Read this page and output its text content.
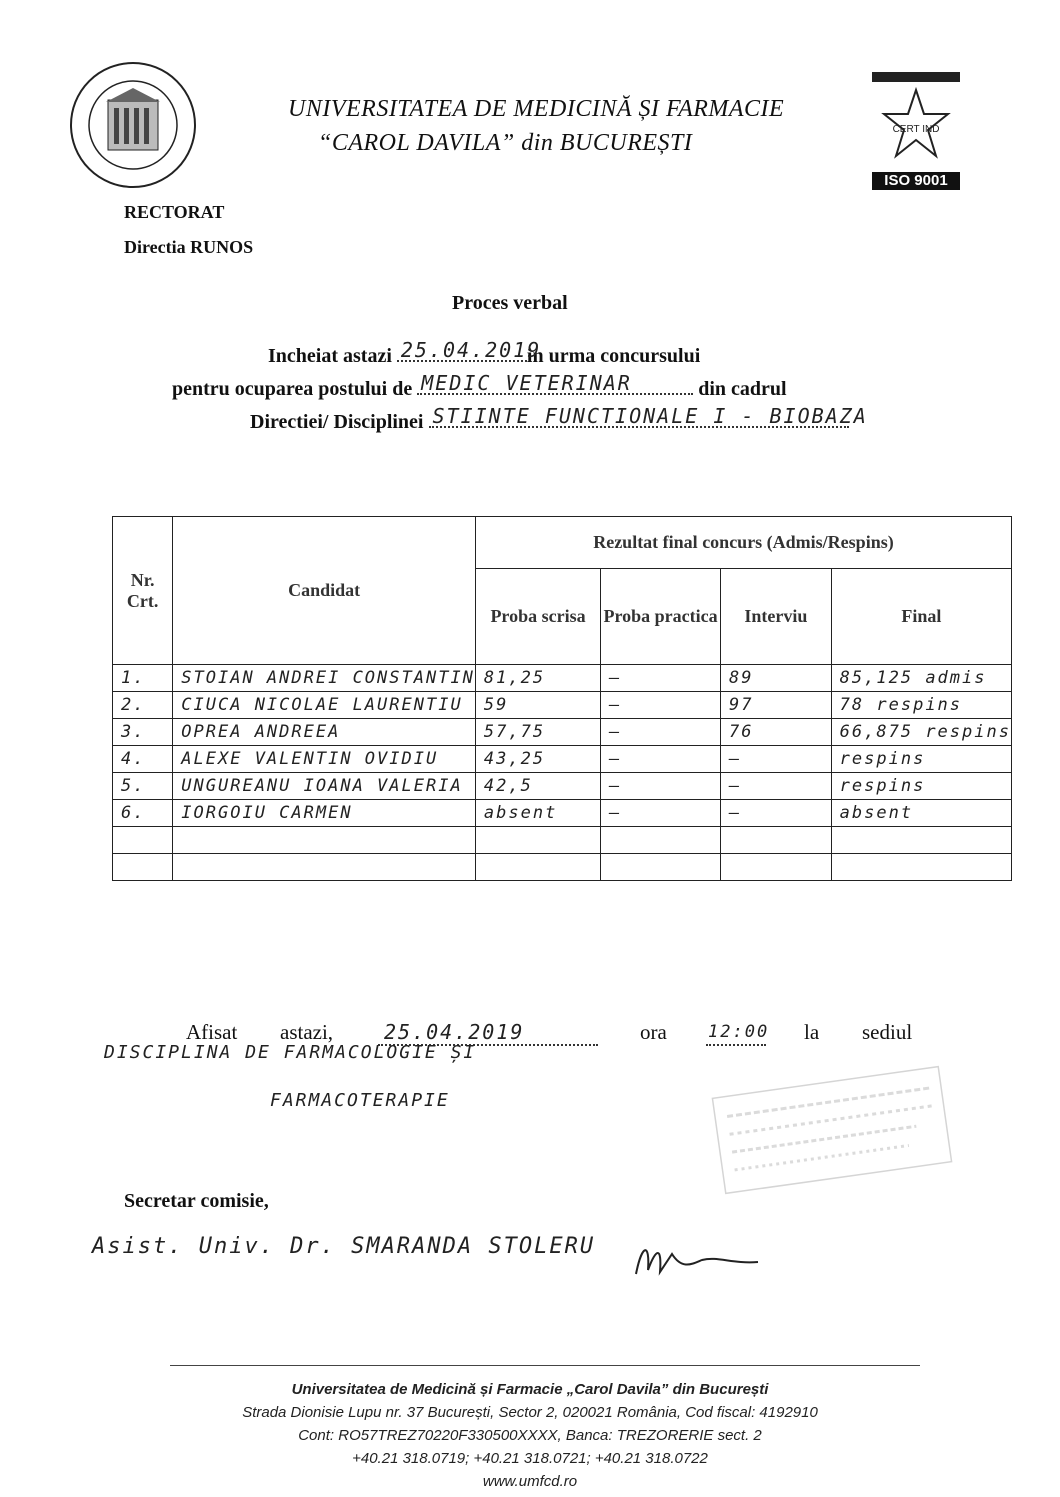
UNIVERSITATEA DE MEDICINĂ ȘI FARMACIE
“CAROL DAVILA” din BUCUREȘTI
CERT IND
ISO 9001
RECTORAT
Directia RUNOS
Proces verbal
Incheiat astazi 25.04.2019
in urma concursului
pentru ocuparea postului de MEDIC VETERINAR	din cadrul
Directiei/ Disciplinei STIINTE FUNCTIONALE I - BIOBAZA
Nr. Crt.	Candidat	Rezultat final concurs (Admis/Respins)			
		Proba scrisa	Proba practica	Interviu	Final
1.	STOIAN ANDREI CONSTANTIN	81,25	—	89	85,125 admis
2.	CIUCA NICOLAE LAURENTIU	59	—	97	78 respins
3.	OPREA ANDREEA	57,75	—	76	66,875 respins
4.	ALEXE VALENTIN OVIDIU	43,25	—	—	respins
5.	UNGUREANU IOANA VALERIA	42,5	—	—	respins
6.	IORGOIU CARMEN	absent	—	—	absent

Afisat astazi,	25.04.2019	ora 12:00 la sediul
DISCIPLINA DE FARMACOLOGIE ȘI
FARMACOTERAPIE
Secretar comisie,
Asist. Univ. Dr. SMARANDA STOLERU
Universitatea de Medicină și Farmacie „Carol Davila” din București
Strada Dionisie Lupu nr. 37 București, Sector 2, 020021 România, Cod fiscal: 4192910
Cont: RO57TREZ70220F330500XXXX, Banca: TREZORERIE sect. 2
+40.21 318.0719; +40.21 318.0721; +40.21 318.0722
www.umfcd.ro
